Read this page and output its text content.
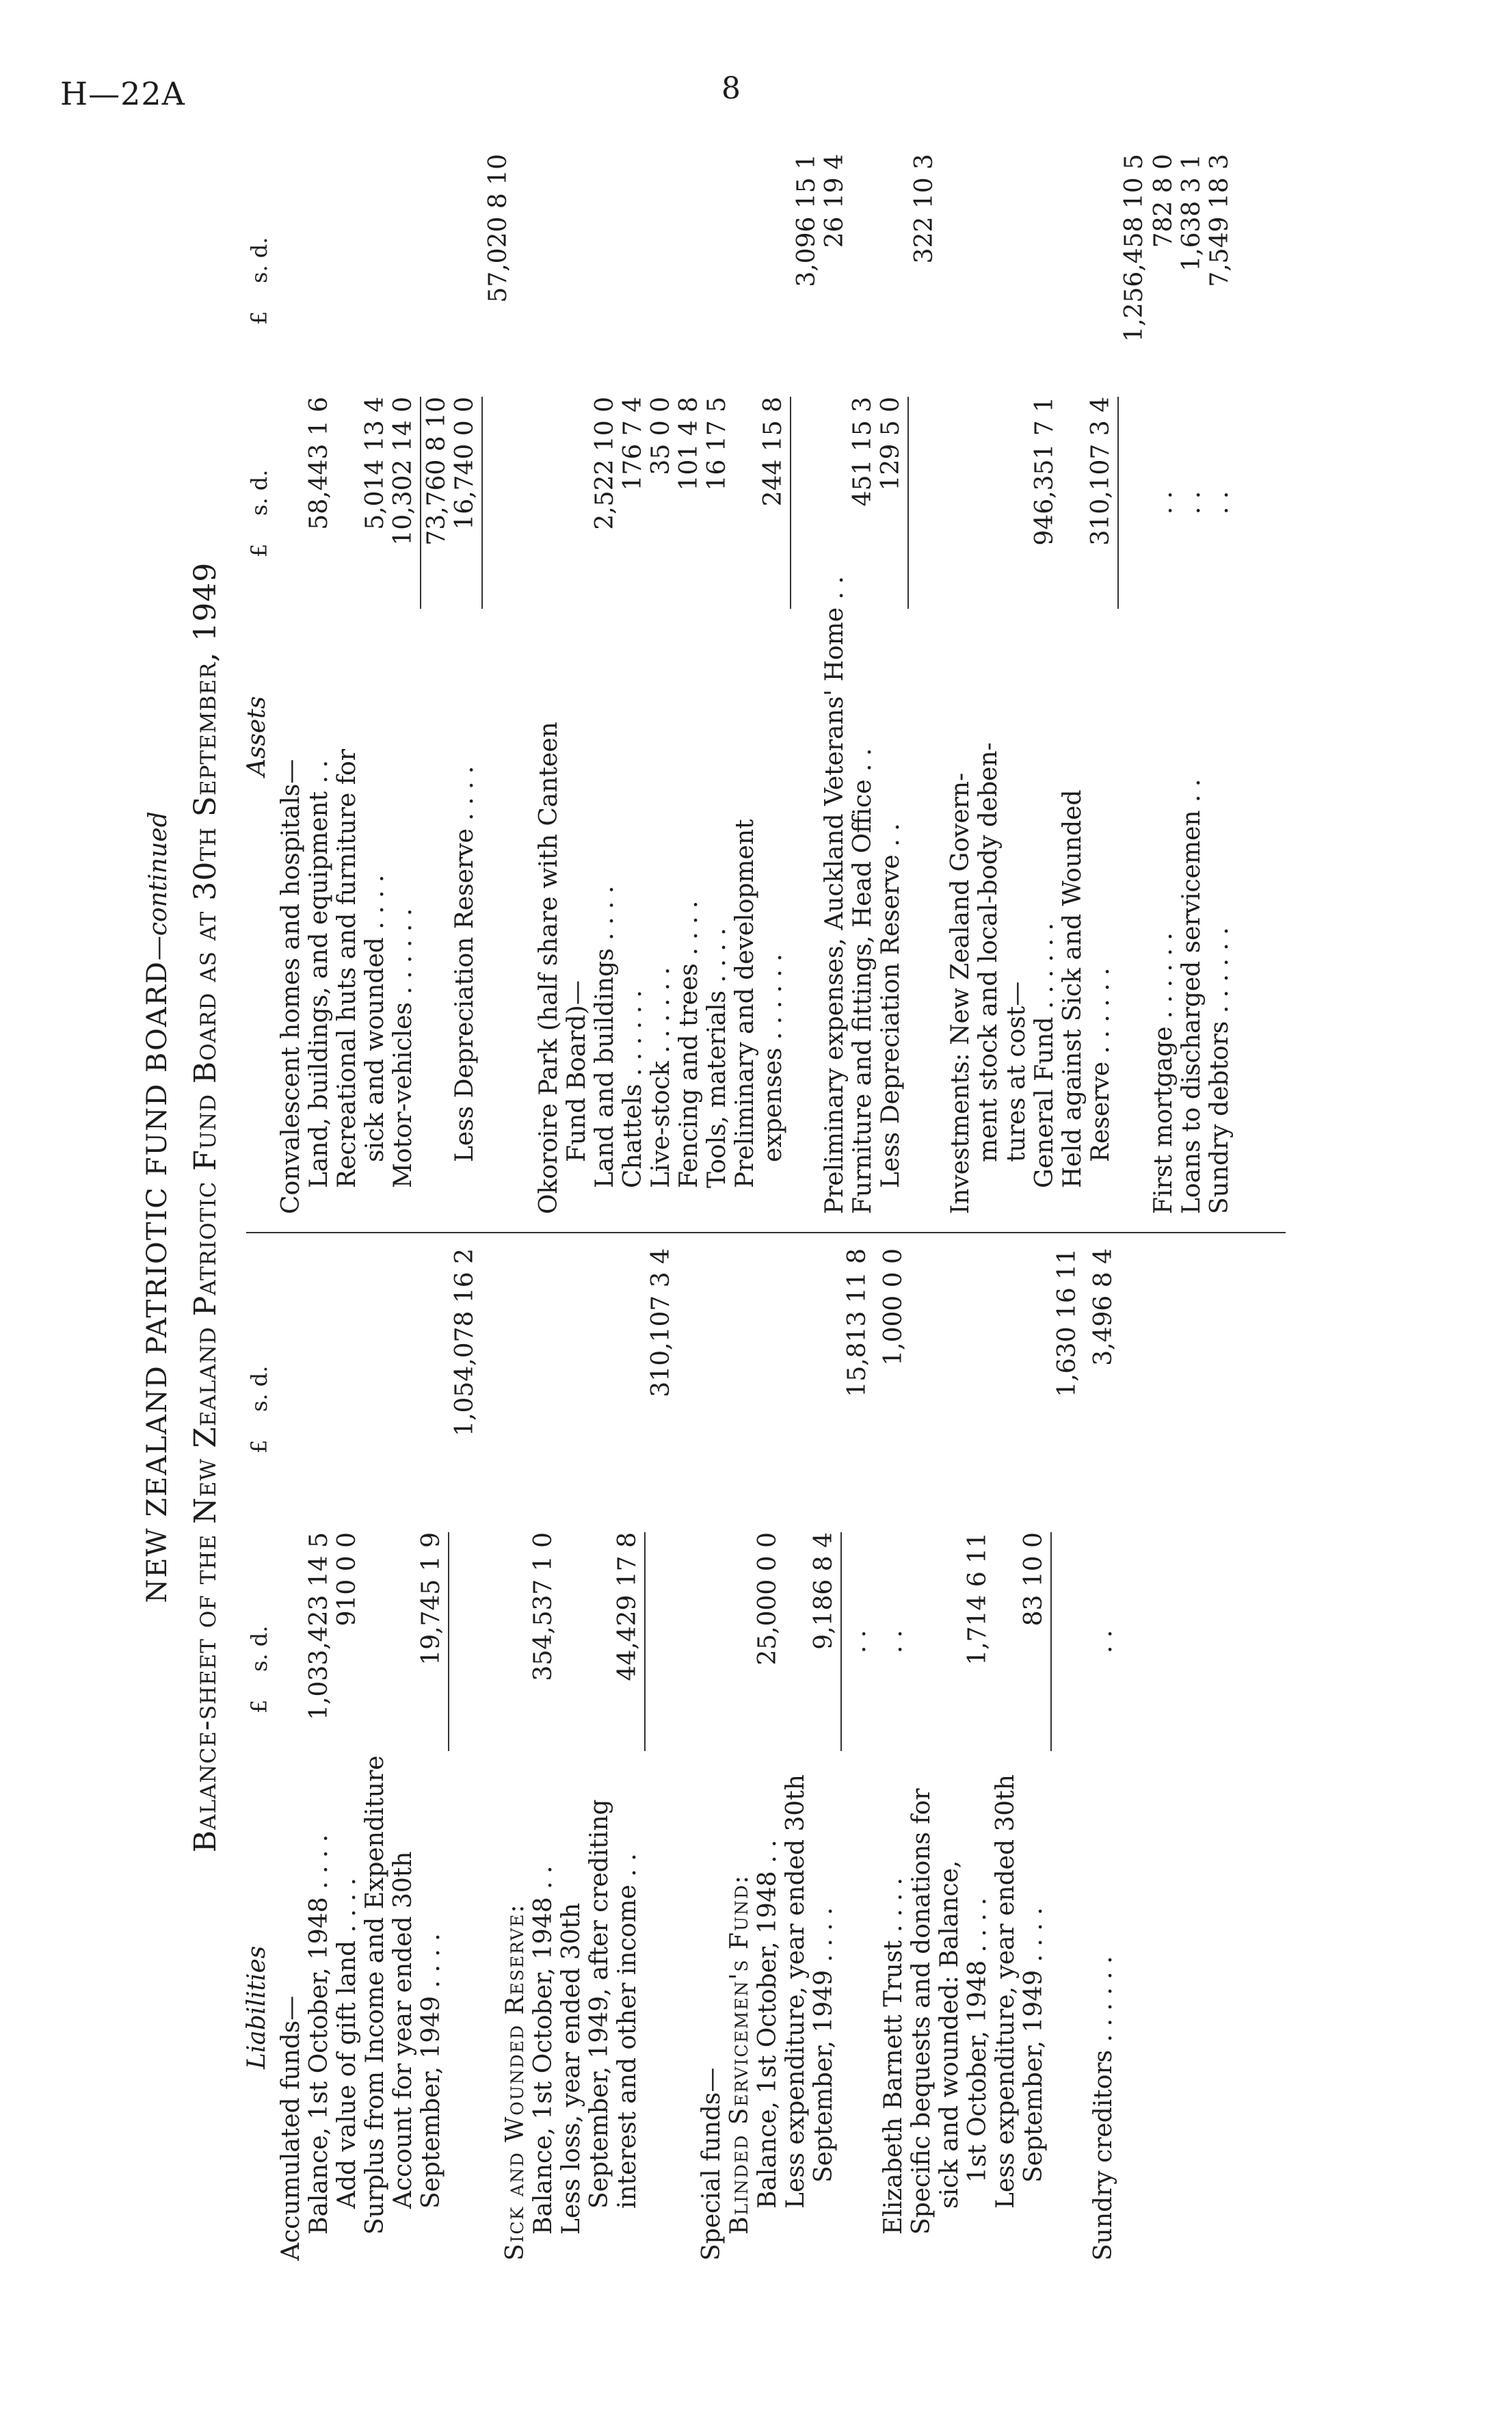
H—22A	8
NEW ZEALAND PATRIOTIC FUND BOARD—continued Balance-sheet of the New Zealand Patriotic Fund Board as at 30th September, 1949
Liabilities
£    s. d.
£    s. d.
Accumulated funds— Balance, 1st October, 1948 . . . .
1,033,423 14 5
Add value of gift land . . . .
910 0 0
Surplus from Income and Expenditure Account for year ended 30th September, 1949 . . . .
19,745 1 9
1,054,078 16 2
Sick and Wounded Reserve: Balance, 1st October, 1948 . .
354,537 1 0
Less loss, year ended 30th September, 1949, after crediting interest and other income . .
44,429 17 8
310,107 3 4
Special funds— Blinded Servicemen's Fund: Balance, 1st October, 1948 . .
25,000 0 0
Less expenditure, year ended 30th September, 1949 . . . .
9,186 8 4 . .
15,813 11 8
Elizabeth Barnett Trust . . . .
. .
1,000 0 0
Specific bequests and donations for sick and wounded: Balance, 1st October, 1948 . . . .
1,714 6 11
Less expenditure, year ended 30th September, 1949 . . . .
83 10 0
1,630 16 11
Sundry creditors . . . . . .
. .
3,496 8 4
Assets
£    s. d.
£    s. d.
Convalescent homes and hospitals— Land, buildings, and equipment . .
58,443 1 6
Recreational huts and furniture for sick and wounded . . . .
5,014 13 4
Motor-vehicles . . . . . .
10,302 14 0 73,760 8 10
Less Depreciation Reserve . . . .
16,740 0 0
57,020 8 10
Okoroire Park (half share with Canteen Fund Board)— Land and buildings . . . .
2,522 10 0
Chattels . . . . . .
176 7 4
Live-stock . . . . . .
35 0 0
Fencing and trees . . . .
101 4 8
Tools, materials . . . .
16 17 5
Preliminary and development expenses . . . . . .
244 15 8
3,096 15 1
Preliminary expenses, Auckland Veterans' Home . .
26 19 4
Furniture and fittings, Head Office . .
451 15 3
Less Depreciation Reserve . .
129 5 0
322 10 3
Investments: New Zealand Govern- ment stock and local-body deben- tures at cost— General Fund . . . . . .
946,351 7 1
Held against Sick and Wounded Reserve . . . . . .
310,107 3 4
1,256,458 10 5
First mortgage . . . . . .
. .
782 8 0
Loans to discharged servicemen . .
. .
1,638 3 1
Sundry debtors . . . . . .
. .
7,549 18 3
